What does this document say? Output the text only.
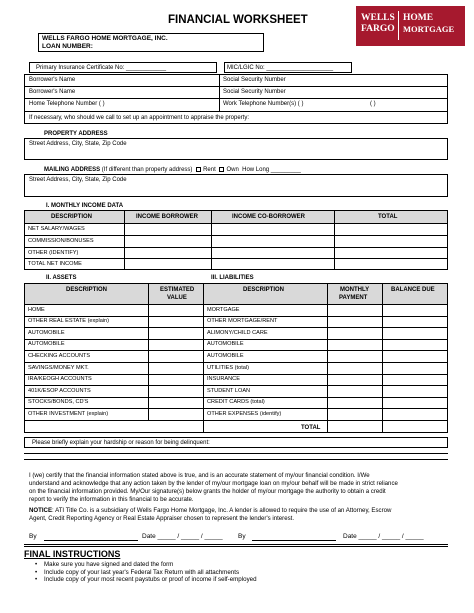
WELLS
FARGO
HOME
MORTGAGE
FINANCIAL WORKSHEET
WELLS FARGO HOME MORTGAGE, INC.
LOAN NUMBER:
Primary Insurance Certificate No: ____________	MIC/LGIC No: ____________________
Borrower's Name	Social Security Number
Borrower's Name	Social Security Number
Home Telephone Number ( )	Work Telephone Number(s) ( )	( )
If necessary, who should we call to set up an appointment to appraise the property:
PROPERTY ADDRESS
Street Address, City, State, Zip Code
MAILING ADDRESS (If different than property address) Rent Own How Long _________
Street Address, City, State, Zip Code
I. MONTHLY INCOME DATA
DESCRIPTION	INCOME BORROWER	INCOME CO-BORROWER	TOTAL
NET SALARY/WAGES
COMMISSION/BONUSES
OTHER (IDENTIFY)
TOTAL NET INCOME
II. ASSETS	III. LIABILITIES
DESCRIPTION	ESTIMATED
VALUE
DESCRIPTION	MONTHLY
PAYMENT
BALANCE DUE
HOME	MORTGAGE
OTHER REAL ESTATE (explain)	OTHER MORTGAGE/RENT
AUTOMOBILE	ALIMONY/CHILD CARE
AUTOMOBILE	AUTOMOBILE
CHECKING ACCOUNTS	AUTOMOBILE
SAVINGS/MONEY MKT.	UTILITIES (total)
IRA/KEOGH ACCOUNTS	INSURANCE
401K/ESOP ACCOUNTS	STUDENT LOAN
STOCKS/BONDS, CD'S	CREDIT CARDS (total)
OTHER INVESTMENT (explain)	OTHER EXPENSES (identify)
TOTAL
Please briefly explain your hardship or reason for being delinquent:
I (we) certify that the financial information stated above is true, and is an accurate statement of my/our financial condition. I/We
understand and acknowledge that any action taken by the lender of my/our mortgage loan on my/our behalf will be made in strict reliance
on the financial information provided. My/Our signature(s) below grants the holder of my/our mortgage the authority to obtain a credit
report to verify the information in this financial to be accurate.
NOTICE: ATI Title Co. is a subsidiary of Wells Fargo Home Mortgage, Inc. A lender is allowed to require the use of an Attorney, Escrow
Agent, Credit Reporting Agency or Real Estate Appraiser chosen to represent the lender's interest.
By	Date _____ / _____ / _____ By	Date _____ / _____ / _____
FINAL INSTRUCTIONS
• Make sure you have signed and dated the form
• Include copy of your last year's Federal Tax Return with all attachments
• Include copy of your most recent paystubs or proof of income if self-employed
